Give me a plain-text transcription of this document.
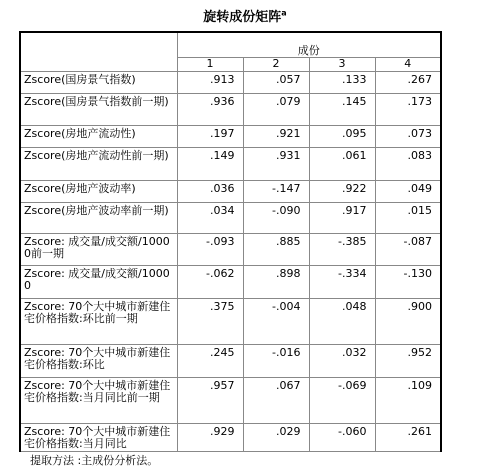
旋转成份矩阵$^a$
	成份			
	1	2	3	4
Zscore(国房景气指数)	.913	.057	.133	.267
Zscore(国房景气指数前一期)	.936	.079	.145	.173
Zscore(房地产流动性)	.197	.921	.095	.073
Zscore(房地产流动性前一期)	.149	.931	.061	.083
Zscore(房地产波动率)	.036	-.147	.922	.049
Zscore(房地产波动率前一期)	.034	-.090	.917	.015
Zscore: 成交量/成交额/10000前一期	-.093	.885	-.385	-.087
Zscore: 成交量/成交额/10000	-.062	.898	-.334	-.130
Zscore: 70个大中城市新建住宅价格指数:环比前一期	.375	-.004	.048	.900
Zscore: 70个大中城市新建住宅价格指数:环比	.245	-.016	.032	.952
Zscore: 70个大中城市新建住宅价格指数:当月同比前一期	.957	.067	-.069	.109
Zscore: 70个大中城市新建住宅价格指数:当月同比	.929	.029	-.060	.261
提取方法 :主成份分析法。
